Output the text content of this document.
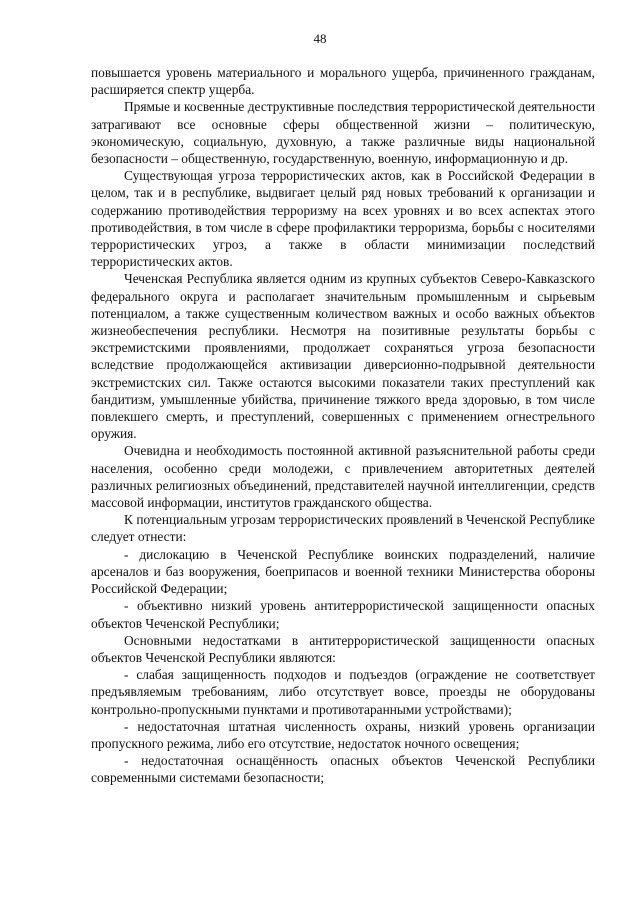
48

повышается уровень материального и морального ущерба, причиненного гражданам, расширяется спектр ущерба.

Прямые и косвенные деструктивные последствия террористической деятельности затрагивают все основные сферы общественной жизни – политическую, экономическую, социальную, духовную, а также различные виды национальной безопасности – общественную, государственную, военную, информационную и др.

Существующая угроза террористических актов, как в Российской Федерации в целом, так и в республике, выдвигает целый ряд новых требований к организации и содержанию противодействия терроризму на всех уровнях и во всех аспектах этого противодействия, в том числе в сфере профилактики терроризма, борьбы с носителями террористических угроз, а также в области минимизации последствий террористических актов.

Чеченская Республика является одним из крупных субъектов Северо-Кавказского федерального округа и располагает значительным промышленным и сырьевым потенциалом, а также существенным количеством важных и особо важных объектов жизнеобеспечения республики. Несмотря на позитивные результаты борьбы с экстремистскими проявлениями, продолжает сохраняться угроза безопасности вследствие продолжающейся активизации диверсионно-подрывной деятельности экстремистских сил. Также остаются высокими показатели таких преступлений как бандитизм, умышленные убийства, причинение тяжкого вреда здоровью, в том числе повлекшего смерть, и преступлений, совершенных с применением огнестрельного оружия.

Очевидна и необходимость постоянной активной разъяснительной работы среди населения, особенно среди молодежи, с привлечением авторитетных деятелей различных религиозных объединений, представителей научной интеллигенции, средств массовой информации, институтов гражданского общества.

К потенциальным угрозам террористических проявлений в Чеченской Республике следует отнести:

- дислокацию в Чеченской Республике воинских подразделений, наличие арсеналов и баз вооружения, боеприпасов и военной техники Министерства обороны Российской Федерации;

- объективно низкий уровень антитеррористической защищенности опасных объектов Чеченской Республики;

Основными недостатками в антитеррористической защищенности опасных объектов Чеченской Республики являются:

- слабая защищенность подходов и подъездов (ограждение не соответствует предъявляемым требованиям, либо отсутствует вовсе, проезды не оборудованы контрольно-пропускными пунктами и противотаранными устройствами);

- недостаточная штатная численность охраны, низкий уровень организации пропускного режима, либо его отсутствие, недостаток ночного освещения;

- недостаточная оснащённость опасных объектов Чеченской Республики современными системами безопасности;
